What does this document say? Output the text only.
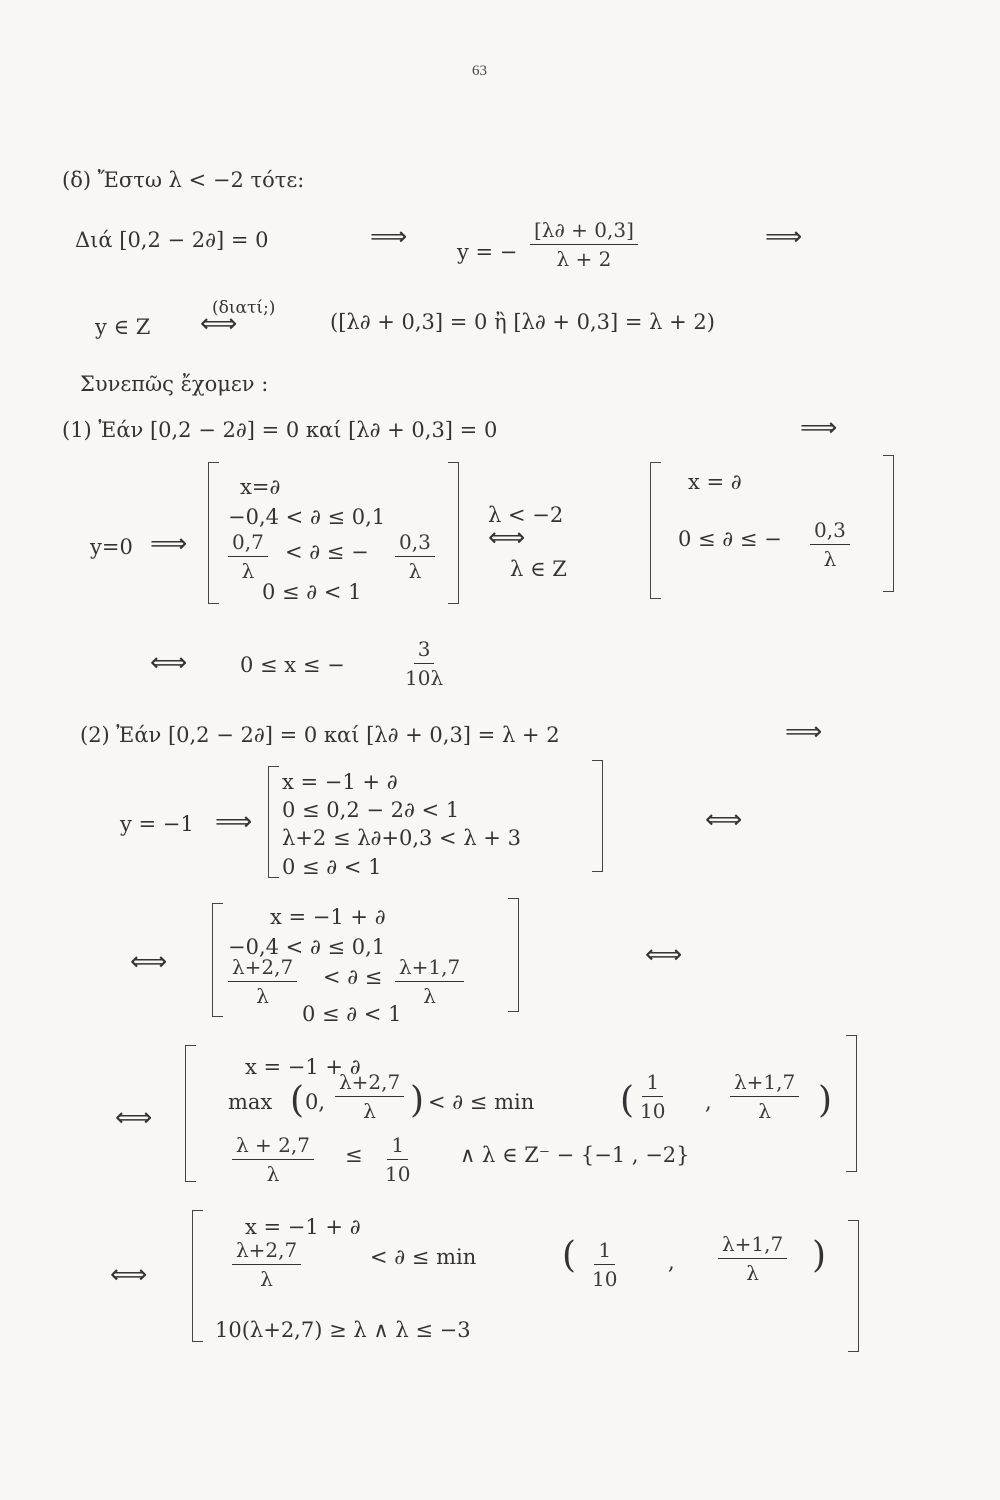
63
(δ) Ἔστω λ < −2 τότε:
Διά [0,2 − 2∂] = 0	⟹ y = − $\frac{[\lambda\partial + 0,3]}{\lambda + 2}$	⟹
y ∈ Z
(διατί;)
⟺	([λ∂ + 0,3] = 0 ἢ [λ∂ + 0,3] = λ + 2)
Συνεπῶς ἔχομεν :
(1) Ἐάν [0,2 − 2∂] = 0 καί [λ∂ + 0,3] = 0	⟹
y=0 ⟹
x=∂
−0,4 < ∂ ≤ 0,1
$\frac{0,7}{\lambda}$ < ∂ ≤ − $\frac{0,3}{\lambda}$
0 ≤ ∂ < 1
λ < −2
⟺
λ ∈ Z
x = ∂
0 ≤ ∂ ≤ − $\frac{0,3}{\lambda}$
⟺	0 ≤ x ≤ −	$\frac{3}{10\lambda}$
(2) Ἐάν [0,2 − 2∂] = 0 καί [λ∂ + 0,3] = λ + 2	⟹
y = −1 ⟹
x = −1 + ∂
0 ≤ 0,2 − 2∂ < 1
λ+2 ≤ λ∂+0,3 < λ + 3
0 ≤ ∂ < 1
⟺
⟺
x = −1 + ∂
−0,4 < ∂ ≤ 0,1
$\frac{\lambda+2,7}{\lambda}$ < ∂ ≤ $\frac{\lambda+1,7}{\lambda}$
0 ≤ ∂ < 1
⟺
⟺
x = −1 + ∂
max ( 0, $\frac{\lambda+2,7}{\lambda}$ ) < ∂ ≤ min ( $\frac{1}{10}$ , $\frac{\lambda+1,7}{\lambda}$ )
$\frac{\lambda + 2,7}{\lambda} \le \frac{1}{10}$ ∧ λ ∈ Z⁻ − {−1 , −2}
⟺
x = −1 + ∂
$\frac{\lambda+2,7}{\lambda}$	< ∂ ≤ min ( $\frac{1}{10}$ , $\frac{\lambda+1,7}{\lambda}$ )
10(λ+2,7) ≥ λ ∧ λ ≤ −3
